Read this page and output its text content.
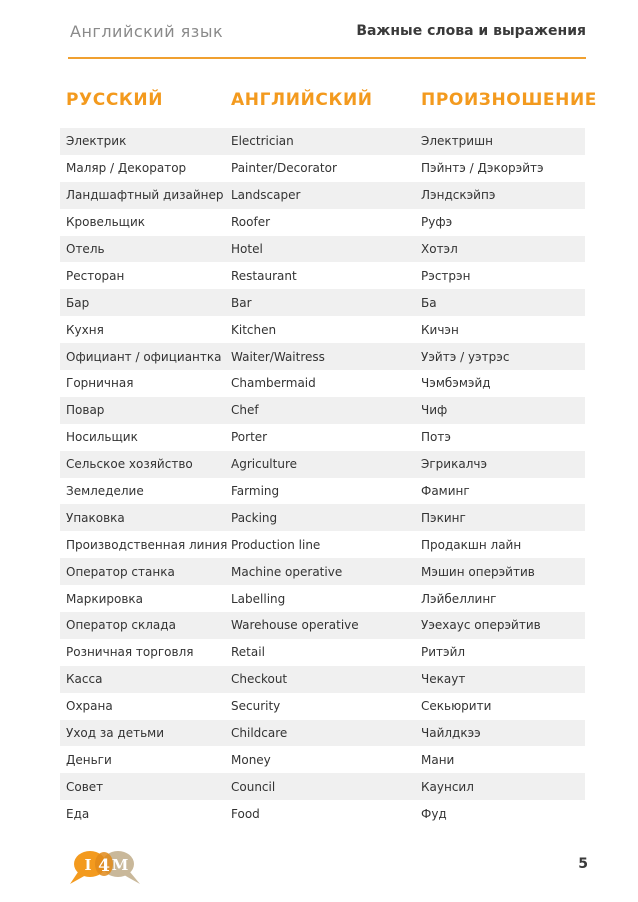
Английский язык	Важные слова и выражения
РУССКИЙ	АНГЛИЙСКИЙ	ПРОИЗНОШЕНИЕ
Электрик	Electrician	Электришн
Маляр / Декоратор	Painter/Decorator	Пэйнтэ / Дэкорэйтэ
Ландшафтный дизайнер Landscaper	Лэндскэйпэ
Кровельщик	Roofer	Руфэ
Отель	Hotel	Хотэл
Ресторан	Restaurant	Рэстрэн
Бар	Bar	Ба
Кухня	Kitchen	Кичэн
Официант / официантка Waiter/Waitress	Уэйтэ / уэтрэс
Горничная	Chambermaid	Чэмбэмэйд
Повар	Chef	Чиф
Носильщик	Porter	Потэ
Сельское хозяйство	Agriculture	Эгрикалчэ
Земледелие	Farming	Фаминг
Упаковка	Packing	Пэкинг
Производственная линия Production line	Продакшн лайн
Оператор станка	Machine operative	Мэшин оперэйтив
Маркировка	Labelling	Лэйбеллинг
Оператор склада	Warehouse operative	Уэехаус оперэйтив
Розничная торговля	Retail	Ритэйл
Касса	Checkout	Чекаут
Охрана	Security	Секьюрити
Уход за детьми	Childcare	Чайлдкээ
Деньги	Money	Мани
Совет	Council	Каунсил
Еда	Food	Фуд
I 4 M	5
